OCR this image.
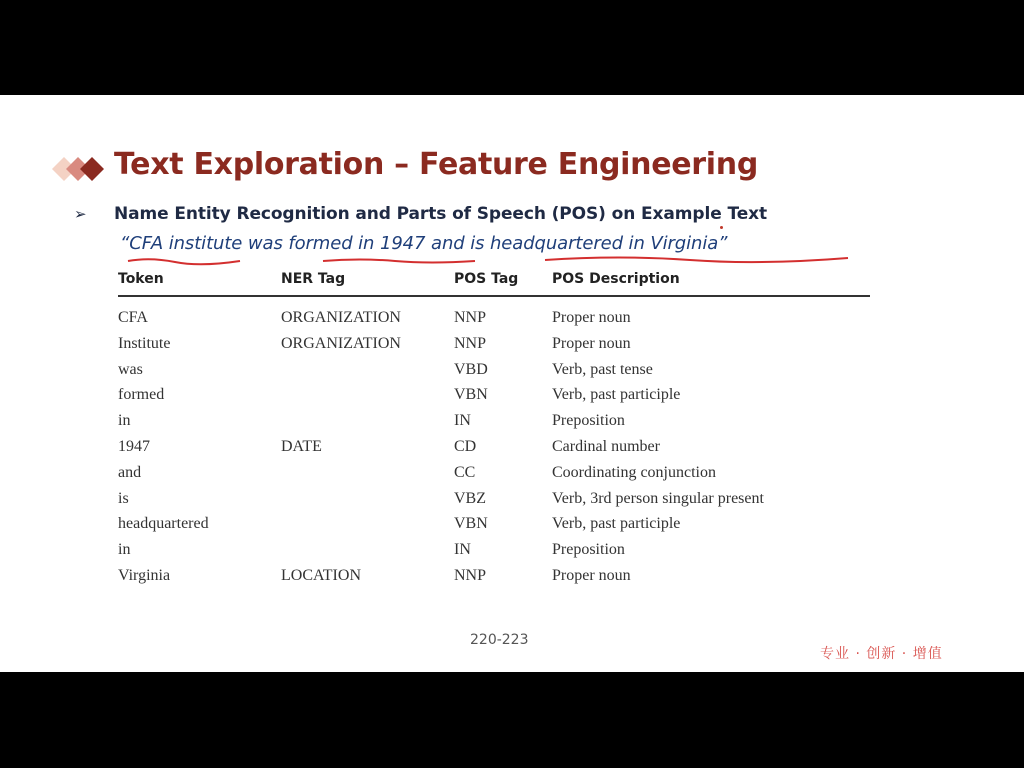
Text Exploration – Feature Engineering
➢	Name Entity Recognition and Parts of Speech (POS) on Example Text
“CFA institute was formed in 1947 and is headquartered in Virginia”
Token	NER Tag	POS Tag	POS Description
CFA	ORGANIZATION	NNP	Proper noun
Institute	ORGANIZATION	NNP	Proper noun
was		VBD	Verb, past tense
formed		VBN	Verb, past participle
in		IN	Preposition
1947	DATE	CD	Cardinal number
and		CC	Coordinating conjunction
is		VBZ	Verb, 3rd person singular present
headquartered		VBN	Verb, past participle
in		IN	Preposition
Virginia	LOCATION	NNP	Proper noun
220-223
专业 · 创新 · 增值
